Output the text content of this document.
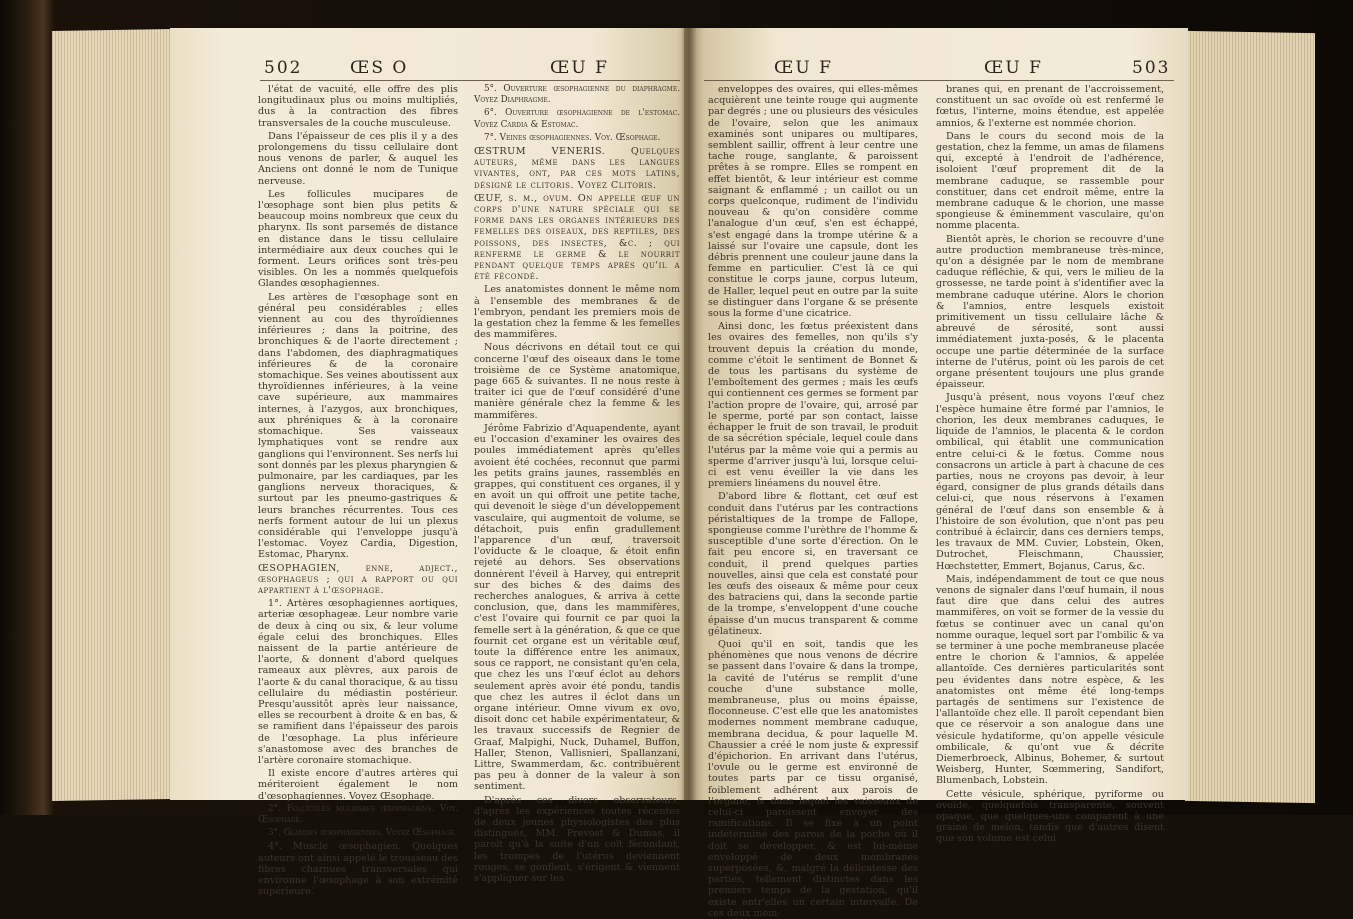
502	ŒS O	ŒU F

l'état de vacuité, elle offre des plis longitudinaux plus ou moins multipliés, dus à la contraction des fibres transversales de la couche musculeuse.

Dans l'épaisseur de ces plis il y a des prolongemens du tissu cellulaire dont nous venons de parler, & auquel les Anciens ont donné le nom de Tunique nerveuse.

Les follicules mucipares de l'œsophage sont bien plus petits & beaucoup moins nombreux que ceux du pharynx. Ils sont parsemés de distance en distance dans le tissu cellulaire intermédiaire aux deux couches qui le forment. Leurs orifices sont très-peu visibles. On les a nommés quelquefois Glandes œsophagiennes.

Les artères de l'œsophage sont en général peu considérables ; elles viennent au cou des thyroïdiennes inférieures ; dans la poitrine, des bronchiques & de l'aorte directement ; dans l'abdomen, des diaphragmatiques inférieures & de la coronaire stomachique. Ses veines aboutissent aux thyroïdiennes inférieures, à la veine cave supérieure, aux mammaires internes, à l'azygos, aux bronchiques, aux phréniques & à la coronaire stomachique. Ses vaisseaux lymphatiques vont se rendre aux ganglions qui l'environnent. Ses nerfs lui sont donnés par les plexus pharyngien & pulmonaire, par les cardiaques, par les ganglions nerveux thoraciques, & surtout par les pneumo-gastriques & leurs branches récurrentes. Tous ces nerfs forment autour de lui un plexus considérable qui l'enveloppe jusqu'à l'estomac. Voyez Cardia, Digestion, Estomac, Pharynx.

ŒSOPHAGIEN, enne, adject., œsophageus ; qui a rapport ou qui appartient à l'œsophage.

1°. Artères œsophagiennes aortiques, arteriæ œsophageæ. Leur nombre varie de deux à cinq ou six, & leur volume égale celui des bronchiques. Elles naissent de la partie antérieure de l'aorte, & donnent d'abord quelques rameaux aux plèvres, aux parois de l'aorte & du canal thoracique, & au tissu cellulaire du médiastin postérieur. Presqu'aussitôt après leur naissance, elles se recourbent à droite & en bas, & se ramifient dans l'épaisseur des parois de l'œsophage. La plus inférieure s'anastomose avec des branches de l'artère coronaire stomachique.

Il existe encore d'autres artères qui mériteroient également le nom d'œsophagiennes. Voyez Œsophage.

2°. Follicules mucipares œsophagiens. Voy. Œsophage.

3°. Glandes œsophagiennes. Voyez Œsophage.

4°. Muscle œsophagien. Quelques auteurs ont ainsi appelé le trousseau des fibres charnues transversales qui environne l'œsophage à son extrémité supérieure.

5°. Ouverture œsophagienne du diaphragme. Voyez Diaphragme.

6°. Ouverture œsophagienne de l'estomac. Voyez Cardia & Estomac.

7°. Veines œsophagiennes. Voy. Œsophage.

ŒSTRUM VENERIS. Quelques auteurs, même dans les langues vivantes, ont, par ces mots latins, désigné le clitoris. Voyez Clitoris.

ŒUF, s. m., ovum. On appelle œuf un corps d'une nature spéciale qui se forme dans les organes intérieurs des femelles des oiseaux, des reptiles, des poissons, des insectes, &c. ; qui renferme le germe & le nourrit pendant quelque temps après qu'il a été fécondé.

Les anatomistes donnent le même nom à l'ensemble des membranes & de l'embryon, pendant les premiers mois de la gestation chez la femme & les femelles des mammifères.

Nous décrivons en détail tout ce qui concerne l'œuf des oiseaux dans le tome troisième de ce Système anatomique, page 665 & suivantes. Il ne nous reste à traiter ici que de l'œuf considéré d'une manière générale chez la femme & les mammifères.

Jérôme Fabrizio d'Aquapendente, ayant eu l'occasion d'examiner les ovaires des poules immédiatement après qu'elles avoient été cochées, reconnut que parmi les petits grains jaunes, rassemblés en grappes, qui constituent ces organes, il y en avoit un qui offroit une petite tache, qui devenoit le siège d'un développement vasculaire, qui augmentoit de volume, se détachoit, puis enfin gradullement l'apparence d'un œuf, traversoit l'oviducte & le cloaque, & étoit enfin rejeté au dehors. Ses observations donnèrent l'éveil à Harvey, qui entreprit sur des biches & des daims des recherches analogues, & arriva à cette conclusion, que, dans les mammifères, c'est l'ovaire qui fournit ce par quoi la femelle sert à la génération, & que ce que fournit cet organe est un véritable œuf, toute la différence entre les animaux, sous ce rapport, ne consistant qu'en cela, que chez les uns l'œuf éclot au dehors seulement après avoir été pondu, tandis que chez les autres il éclot dans un organe intérieur. Omne vivum ex ovo, disoit donc cet habile expérimentateur, & les travaux successifs de Regnier de Graaf, Malpighi, Nuck, Duhamel, Buffon, Haller, Stenon, Vallisnieri, Spallanzani, Littre, Swammerdam, &c. contribuèrent pas peu à donner de la valeur à son sentiment.

D'après ces divers observateurs, d'après les expériences toutes récentes de deux jeunes physiologistes des plus distingués, MM. Prevost & Dumas, il paroît qu'à la suite d'un coït fécondant, les trompes de l'utérus deviennent rouges, se gonflent, s'érigent & viennent s'appliquer sur les

ŒU F	ŒU F	503

enveloppes des ovaires, qui elles-mêmes acquièrent une teinte rouge qui augmente par degrés ; une ou plusieurs des vésicules de l'ovaire, selon que les animaux examinés sont unipares ou multipares, semblent saillir, offrent à leur centre une tache rouge, sanglante, & paroissent prêtes à se rompre. Elles se rompent en effet bientôt, & leur intérieur est comme saignant & enflammé ; un caillot ou un corps quelconque, rudiment de l'individu nouveau & qu'on considère comme l'analogue d'un œuf, s'en est échappé, s'est engagé dans la trompe utérine & a laissé sur l'ovaire une capsule, dont les débris prennent une couleur jaune dans la femme en particulier. C'est là ce qui constitue le corps jaune, corpus luteum, de Haller, lequel peut en outre par la suite se distinguer dans l'organe & se présente sous la forme d'une cicatrice.

Ainsi donc, les fœtus préexistent dans les ovaires des femelles, non qu'ils s'y trouvent depuis la création du monde, comme c'étoit le sentiment de Bonnet & de tous les partisans du système de l'emboîtement des germes ; mais les œufs qui contiennent ces germes se forment par l'action propre de l'ovaire, qui, arrosé par le sperme, porté par son contact, laisse échapper le fruit de son travail, le produit de sa sécrétion spéciale, lequel coule dans l'utérus par la même voie qui a permis au sperme d'arriver jusqu'à lui, lorsque celui-ci est venu éveiller la vie dans les premiers linéamens du nouvel être.

D'abord libre & flottant, cet œuf est conduit dans l'utérus par les contractions péristaltiques de la trompe de Fallope, spongieuse comme l'urèthre de l'homme & susceptible d'une sorte d'érection. On le fait peu encore si, en traversant ce conduit, il prend quelques parties nouvelles, ainsi que cela est constaté pour les œufs des oiseaux & même pour ceux des batraciens qui, dans la seconde partie de la trompe, s'enveloppent d'une couche épaisse d'un mucus transparent & comme gélatineux.

Quoi qu'il en soit, tandis que les phénomènes que nous venons de décrire se passent dans l'ovaire & dans la trompe, la cavité de l'utérus se remplit d'une couche d'une substance molle, membraneuse, plus ou moins épaisse, floconneuse. C'est elle que les anatomistes modernes nomment membrane caduque, membrana decidua, & pour laquelle M. Chaussier a créé le nom juste & expressif d'épichorion. En arrivant dans l'utérus, l'ovule ou le germe est environné de toutes parts par ce tissu organisé, foiblement adhérent aux parois de l'organe, & dans lequel les vaisseaux de celui-ci paroissent envoyer des ramifications. Il se fixe à un point indéterminé des parois de la poche où il doit se développer, & est lui-même enveloppé de deux membranes superposées, &, malgré la délicatesse des parties, tellement distinctes dans les premiers temps de la gestation, qu'il existe entr'elles un certain intervalle. De ces deux mem-

branes qui, en prenant de l'accroissement, constituent un sac ovoïde où est renfermé le fœtus, l'interne, moins étendue, est appelée amnios, & l'externe est nommée chorion.

Dans le cours du second mois de la gestation, chez la femme, un amas de filamens qui, excepté à l'endroit de l'adhérence, isoloient l'œuf proprement dit de la membrane caduque, se rassemble pour constituer, dans cet endroit même, entre la membrane caduque & le chorion, une masse spongieuse & éminemment vasculaire, qu'on nomme placenta.

Bientôt après, le chorion se recouvre d'une autre production membraneuse très-mince, qu'on a désignée par le nom de membrane caduque réfléchie, & qui, vers le milieu de la grossesse, ne tarde point à s'identifier avec la membrane caduque utérine. Alors le chorion & l'amnios, entre lesquels existoit primitivement un tissu cellulaire lâche & abreuvé de sérosité, sont aussi immédiatement juxta-posés, & le placenta occupe une partie déterminée de la surface interne de l'utérus, point où les parois de cet organe présentent toujours une plus grande épaisseur.

Jusqu'à présent, nous voyons l'œuf chez l'espèce humaine être formé par l'amnios, le chorion, les deux membranes caduques, le liquide de l'amnios, le placenta & le cordon ombilical, qui établit une communication entre celui-ci & le fœtus. Comme nous consacrons un article à part à chacune de ces parties, nous ne croyons pas devoir, à leur égard, consigner de plus grands détails dans celui-ci, que nous réservons à l'examen général de l'œuf dans son ensemble & à l'histoire de son évolution, que n'ont pas peu contribué à éclaircir, dans ces derniers temps, les travaux de MM. Cuvier, Lobstein, Oken, Dutrochet, Fleischmann, Chaussier, Hœchstetter, Emmert, Bojanus, Carus, &c.

Mais, indépendamment de tout ce que nous venons de signaler dans l'œuf humain, il nous faut dire que dans celui des autres mammifères, on voit se former de la vessie du fœtus se continuer avec un canal qu'on nomme ouraque, lequel sort par l'ombilic & va se terminer à une poche membraneuse placée entre le chorion & l'amnios, & appelée allantoïde. Ces dernières particularités sont peu évidentes dans notre espèce, & les anatomistes ont même été long-temps partagés de sentimens sur l'existence de l'allantoïde chez elle. Il paroît cependant bien que ce réservoir a son analogue dans une vésicule hydatiforme, qu'on appelle vésicule ombilicale, & qu'ont vue & décrite Diemerbroeck, Albinus, Bohemer, & surtout Weisberg, Hunter, Sœmmering, Sandifort, Blumenbach, Lobstein.

Cette vésicule, sphérique, pyriforme ou ovoïde, quelquefois transparente, souvent opaque, que quelques-uns comparent à une graine de melon, tandis que d'autres disent que son volume est celui
